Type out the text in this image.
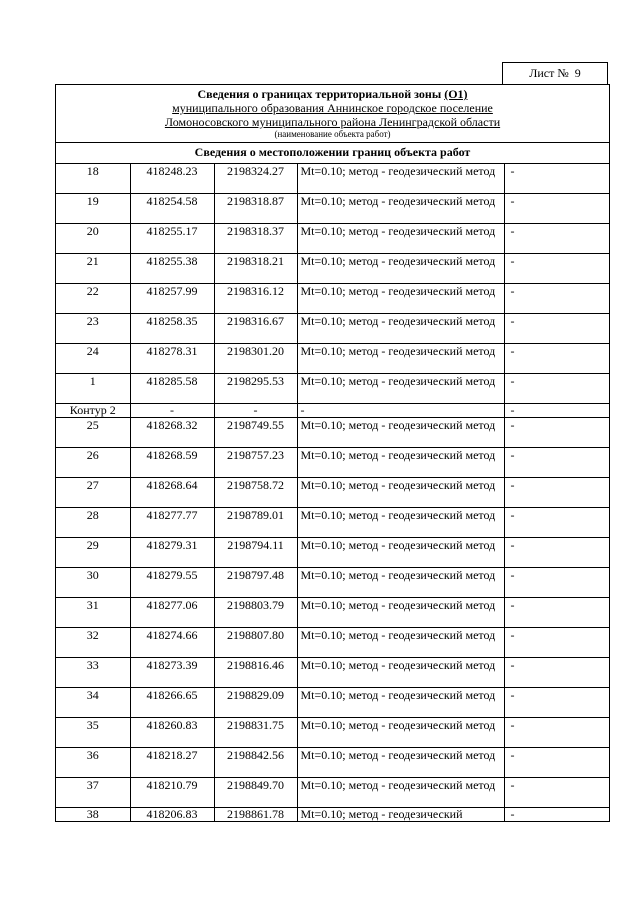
Лист № 9
Сведения о границах территориальной зоны (О1)
муниципального образования Аннинское городское поселение
Ломоносовского муниципального района Ленинградской области
(наименование объекта работ)
Сведения о местоположении границ объекта работ
18	418248.23	2198324.27	Mt=0.10; метод - геодезический метод	-
19	418254.58	2198318.87	Mt=0.10; метод - геодезический метод	-
20	418255.17	2198318.37	Mt=0.10; метод - геодезический метод	-
21	418255.38	2198318.21	Mt=0.10; метод - геодезический метод	-
22	418257.99	2198316.12	Mt=0.10; метод - геодезический метод	-
23	418258.35	2198316.67	Mt=0.10; метод - геодезический метод	-
24	418278.31	2198301.20	Mt=0.10; метод - геодезический метод	-
1	418285.58	2198295.53	Mt=0.10; метод - геодезический метод	-
Контур 2	-	-	-	-
25	418268.32	2198749.55	Mt=0.10; метод - геодезический метод	-
26	418268.59	2198757.23	Mt=0.10; метод - геодезический метод	-
27	418268.64	2198758.72	Mt=0.10; метод - геодезический метод	-
28	418277.77	2198789.01	Mt=0.10; метод - геодезический метод	-
29	418279.31	2198794.11	Mt=0.10; метод - геодезический метод	-
30	418279.55	2198797.48	Mt=0.10; метод - геодезический метод	-
31	418277.06	2198803.79	Mt=0.10; метод - геодезический метод	-
32	418274.66	2198807.80	Mt=0.10; метод - геодезический метод	-
33	418273.39	2198816.46	Mt=0.10; метод - геодезический метод	-
34	418266.65	2198829.09	Mt=0.10; метод - геодезический метод	-
35	418260.83	2198831.75	Mt=0.10; метод - геодезический метод	-
36	418218.27	2198842.56	Mt=0.10; метод - геодезический метод	-
37	418210.79	2198849.70	Mt=0.10; метод - геодезический метод	-
38	418206.83	2198861.78	Mt=0.10; метод - геодезический	-
